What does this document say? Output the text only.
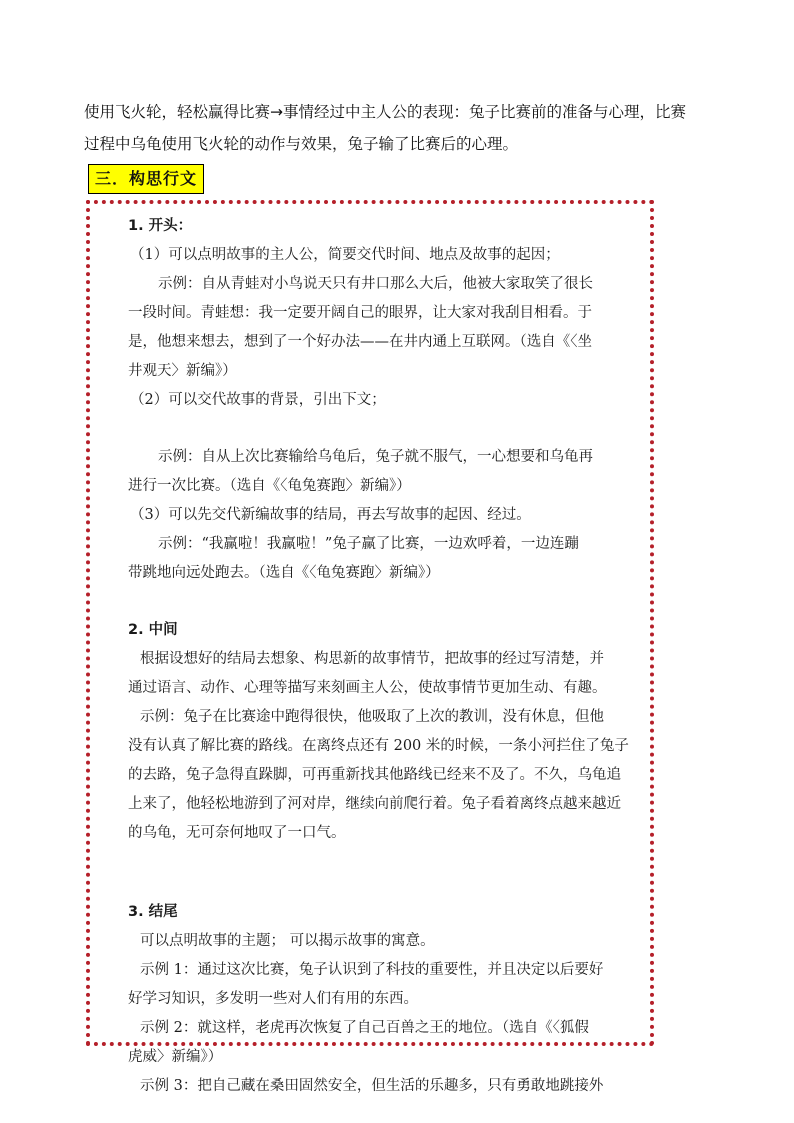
使用飞火轮，轻松赢得比赛→事情经过中主人公的表现：兔子比赛前的准备与心理，比赛

过程中乌龟使用飞火轮的动作与效果，兔子输了比赛后的心理。

三．构思行文

1. 开头：

（1）可以点明故事的主人公，简要交代时间、地点及故事的起因；

示例：自从青蛙对小鸟说天只有井口那么大后，他被大家取笑了很长

一段时间。青蛙想：我一定要开阔自己的眼界，让大家对我刮目相看。于

是，他想来想去，想到了一个好办法——在井内通上互联网。（选自《〈坐

井观天〉新编》）

（2）可以交代故事的背景，引出下文；

示例：自从上次比赛输给乌龟后，兔子就不服气，一心想要和乌龟再

进行一次比赛。（选自《〈龟兔赛跑〉新编》）

（3）可以先交代新编故事的结局，再去写故事的起因、经过。

示例：“我赢啦！我赢啦！”兔子赢了比赛，一边欢呼着，一边连蹦

带跳地向远处跑去。（选自《〈龟兔赛跑〉新编》）

2. 中间

根据设想好的结局去想象、构思新的故事情节，把故事的经过写清楚，并

通过语言、动作、心理等描写来刻画主人公，使故事情节更加生动、有趣。

示例：兔子在比赛途中跑得很快，他吸取了上次的教训，没有休息，但他

没有认真了解比赛的路线。在离终点还有 200 米的时候，一条小河拦住了兔子

的去路，兔子急得直跺脚，可再重新找其他路线已经来不及了。不久，乌龟追

上来了，他轻松地游到了河对岸，继续向前爬行着。兔子看着离终点越来越近

的乌龟，无可奈何地叹了一口气。

3. 结尾

可以点明故事的主题； 可以揭示故事的寓意。

示例 1：通过这次比赛，兔子认识到了科技的重要性，并且决定以后要好

好学习知识，多发明一些对人们有用的东西。

示例 2：就这样，老虎再次恢复了自己百兽之王的地位。（选自《〈狐假

虎威〉新编》）

示例 3：把自己藏在桑田固然安全，但生活的乐趣多，只有勇敢地跳接外
